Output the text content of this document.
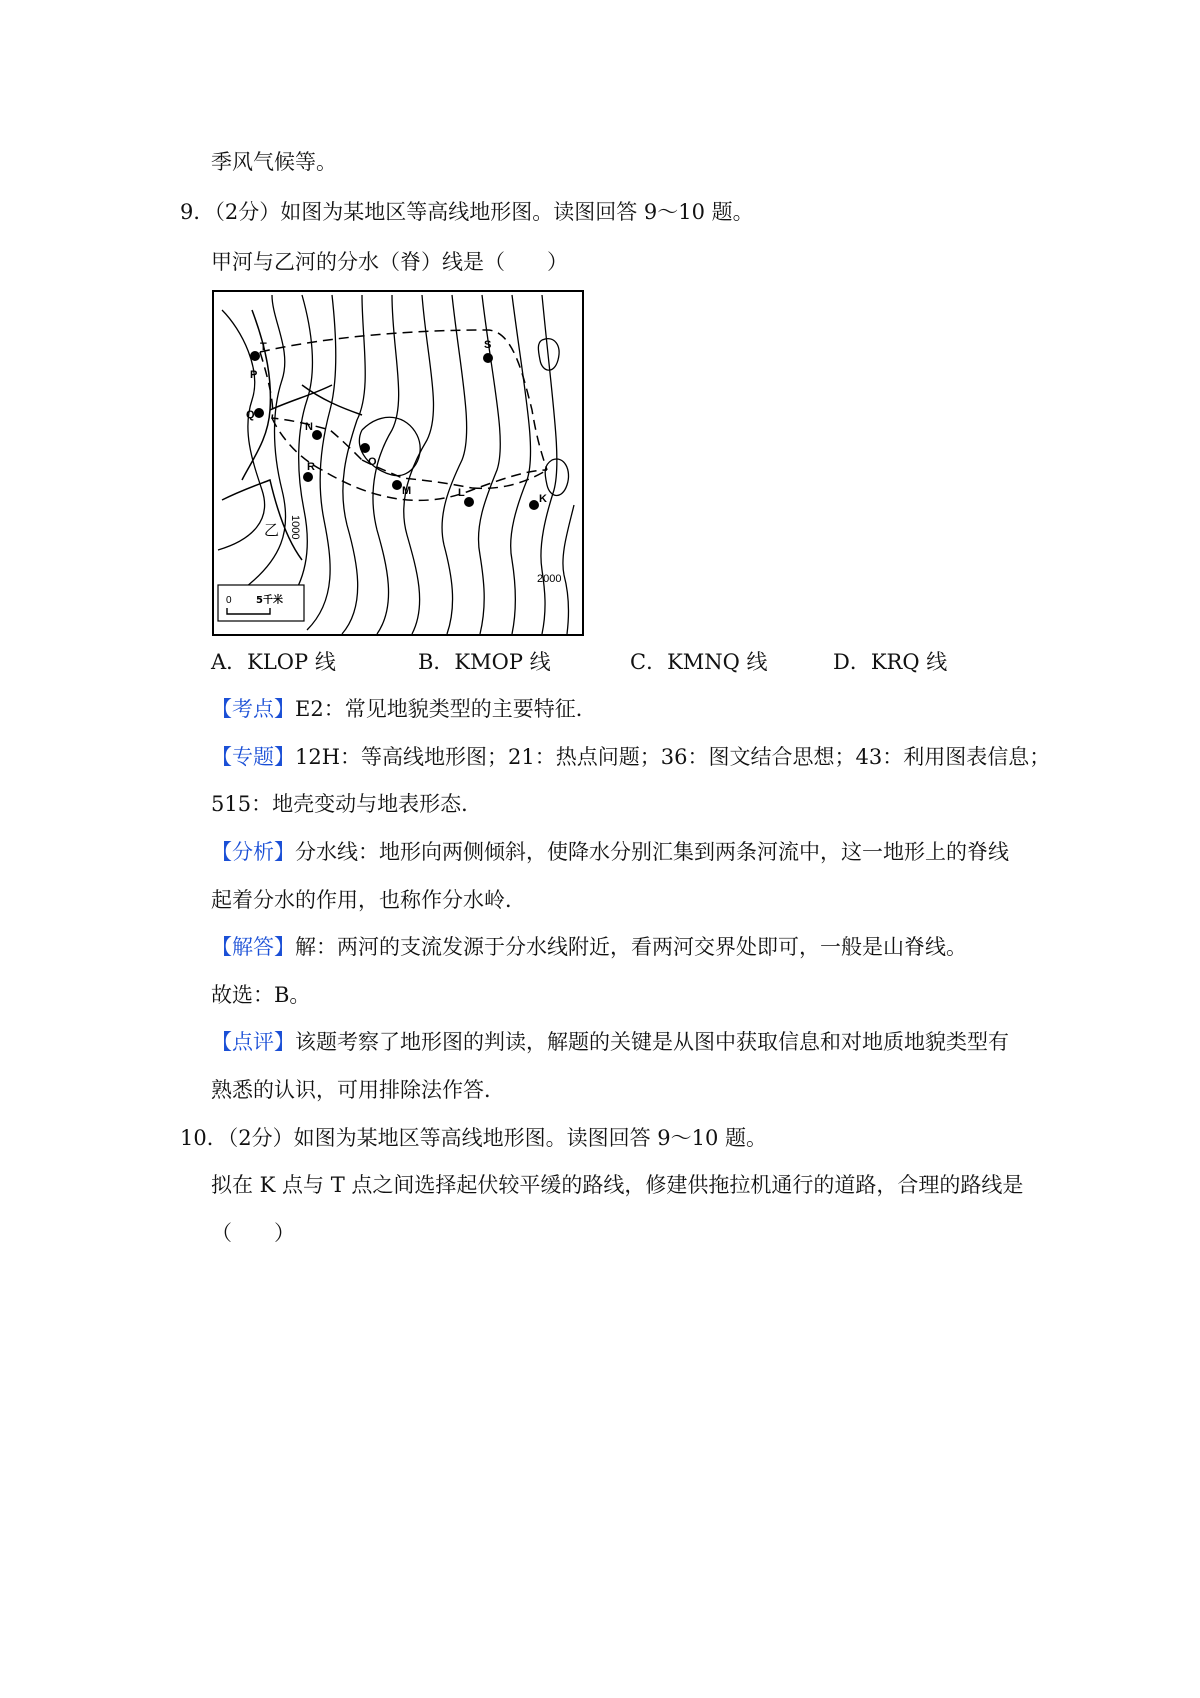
季风气候等。
9．（2分）如图为某地区等高线地形图。读图回答 9～10 题。
甲河与乙河的分水（脊）线是（　　）
T
P
Q
N
R	O
M	L	K
S
1000
2000
乙
0 5千米
A．KLOP 线	B．KMOP 线	C．KMNQ 线	D．KRQ 线
【考点】E2：常见地貌类型的主要特征．
【专题】12H：等高线地形图；21：热点问题；36：图文结合思想；43：利用图表信息；
515：地壳变动与地表形态．
【分析】分水线：地形向两侧倾斜，使降水分别汇集到两条河流中，这一地形上的脊线
起着分水的作用，也称作分水岭．
【解答】解：两河的支流发源于分水线附近，看两河交界处即可，一般是山脊线。
故选：B。
【点评】该题考察了地形图的判读，解题的关键是从图中获取信息和对地质地貌类型有
熟悉的认识，可用排除法作答．
10．（2分）如图为某地区等高线地形图。读图回答 9～10 题。
拟在 K 点与 T 点之间选择起伏较平缓的路线，修建供拖拉机通行的道路，合理的路线是
（　　）
